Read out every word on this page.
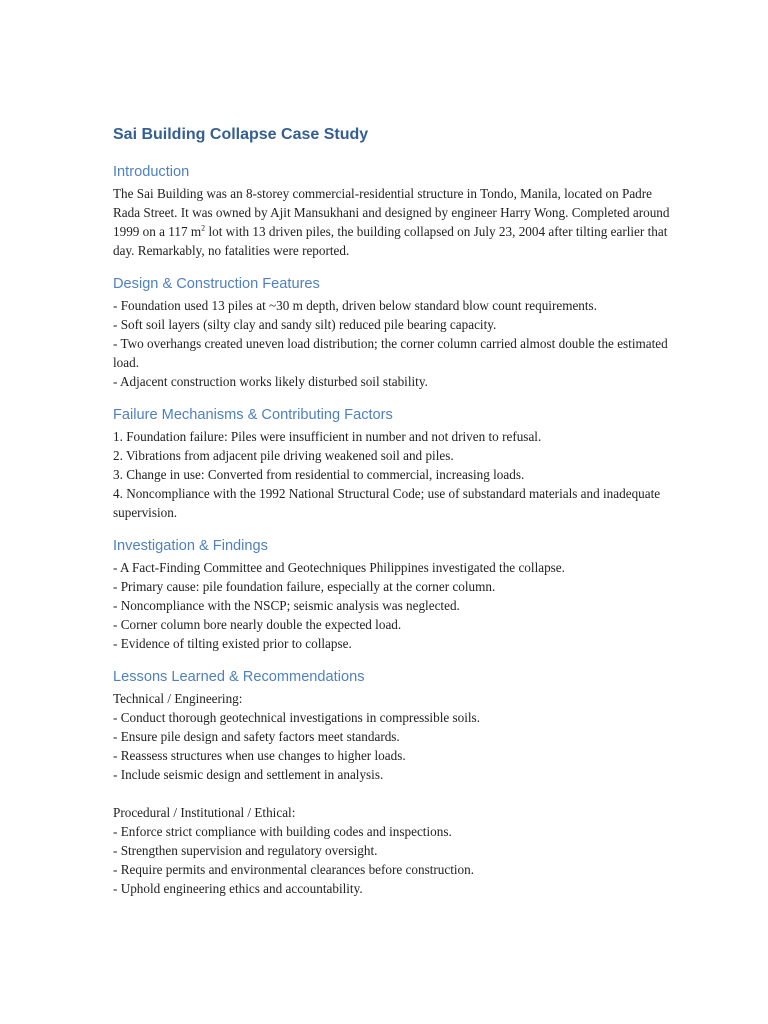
Sai Building Collapse Case Study
Introduction

The Sai Building was an 8-storey commercial-residential structure in Tondo, Manila, located on Padre Rada Street. It was owned by Ajit Mansukhani and designed by engineer Harry Wong. Completed around 1999 on a 117 $m^2$ lot with 13 driven piles, the building collapsed on July 23, 2004 after tilting earlier that day. Remarkably, no fatalities were reported.

Design & Construction Features
- Foundation used 13 piles at ~30 m depth, driven below standard blow count requirements.
- Soft soil layers (silty clay and sandy silt) reduced pile bearing capacity.
- Two overhangs created uneven load distribution; the corner column carried almost double the estimated load.
- Adjacent construction works likely disturbed soil stability.
Failure Mechanisms & Contributing Factors
1. Foundation failure: Piles were insufficient in number and not driven to refusal.
2. Vibrations from adjacent pile driving weakened soil and piles.
3. Change in use: Converted from residential to commercial, increasing loads.
4. Noncompliance with the 1992 National Structural Code; use of substandard materials and inadequate supervision.
Investigation & Findings
- A Fact-Finding Committee and Geotechniques Philippines investigated the collapse.
- Primary cause: pile foundation failure, especially at the corner column.
- Noncompliance with the NSCP; seismic analysis was neglected.
- Corner column bore nearly double the expected load.
- Evidence of tilting existed prior to collapse.
Lessons Learned & Recommendations
Technical / Engineering:
- Conduct thorough geotechnical investigations in compressible soils.
- Ensure pile design and safety factors meet standards.
- Reassess structures when use changes to higher loads.
- Include seismic design and settlement in analysis.
Procedural / Institutional / Ethical:
- Enforce strict compliance with building codes and inspections.
- Strengthen supervision and regulatory oversight.
- Require permits and environmental clearances before construction.
- Uphold engineering ethics and accountability.
